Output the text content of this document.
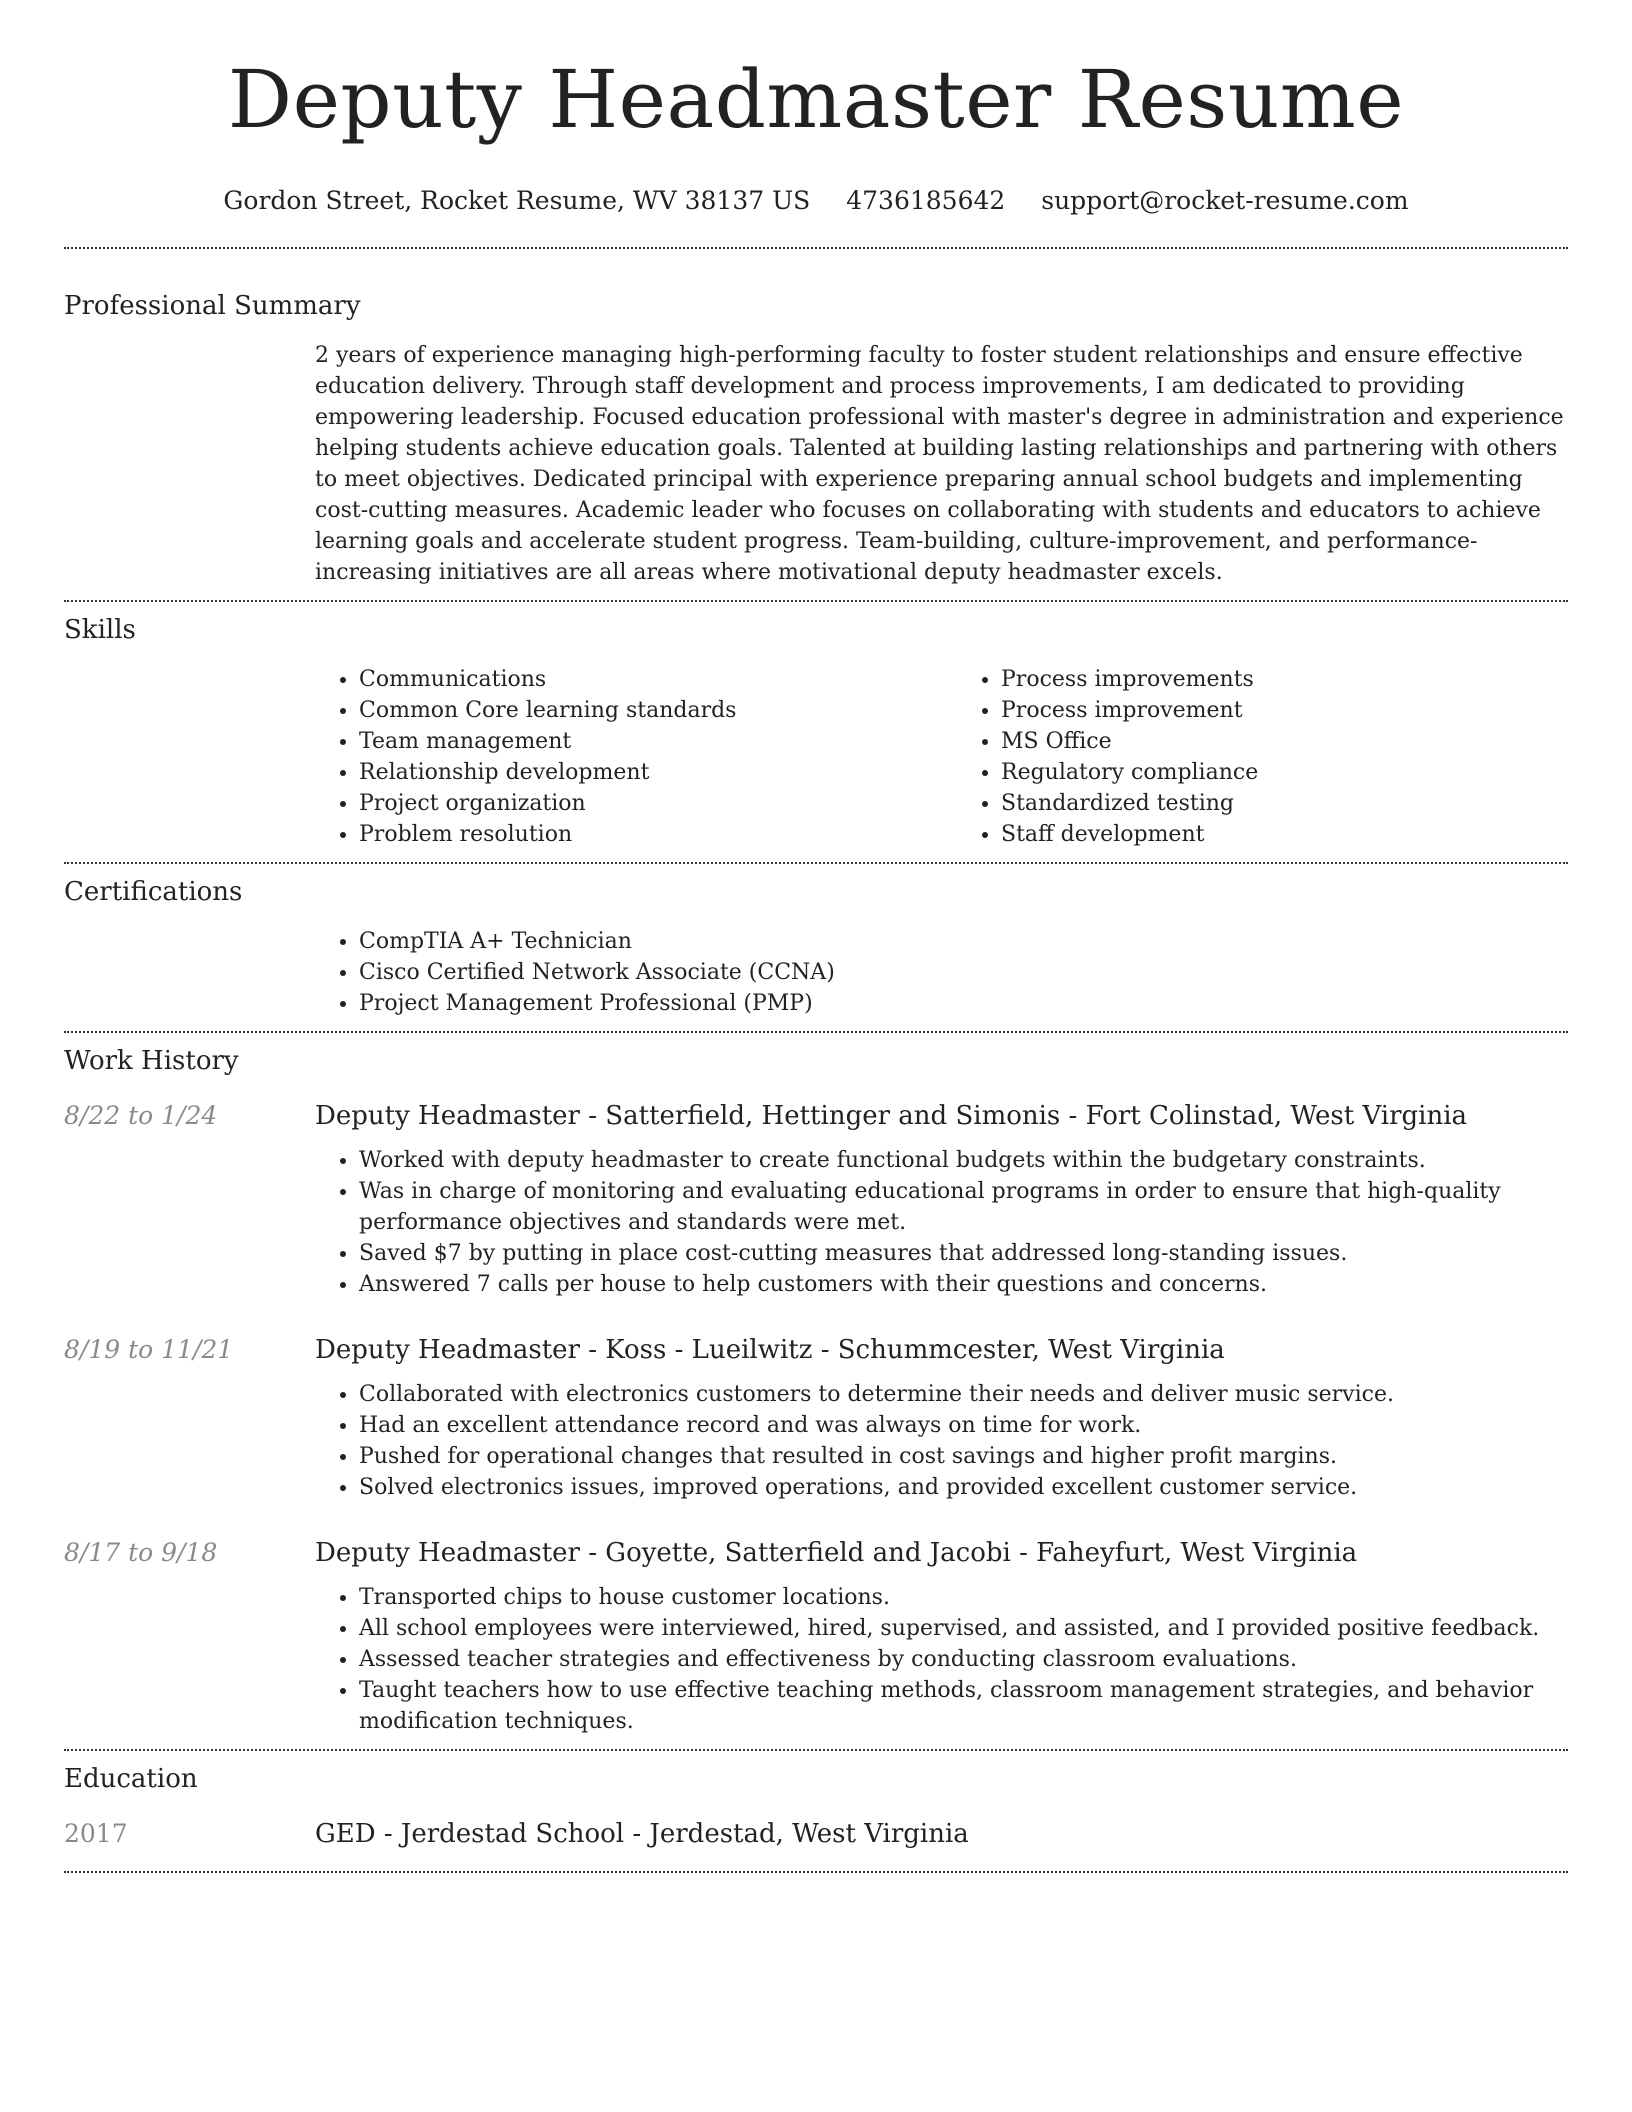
Deputy Headmaster Resume
Gordon Street, Rocket Resume, WV 38137 US 4736185642 support@rocket-resume.com
Professional Summary
2 years of experience managing high-performing faculty to foster student relationships and ensure effective education delivery. Through staff development and process improvements, I am dedicated to providing empowering leadership. Focused education professional with master's degree in administration and experience helping students achieve education goals. Talented at building lasting relationships and partnering with others to meet objectives. Dedicated principal with experience preparing annual school budgets and implementing cost-cutting measures. Academic leader who focuses on collaborating with students and educators to achieve learning goals and accelerate student progress. Team-building, culture-improvement, and performance-increasing initiatives are all areas where motivational deputy headmaster excels.
Skills
• Communications
• Common Core learning standards
• Team management
• Relationship development
• Project organization
• Problem resolution
• Process improvements
• Process improvement
• MS Office
• Regulatory compliance
• Standardized testing
• Staff development
Certifications
• CompTIA A+ Technician
• Cisco Certified Network Associate (CCNA)
• Project Management Professional (PMP)
Work History
8/22 to 1/24	Deputy Headmaster - Satterfield, Hettinger and Simonis - Fort Colinstad, West Virginia
• Worked with deputy headmaster to create functional budgets within the budgetary constraints.
• Was in charge of monitoring and evaluating educational programs in order to ensure that high-quality performance objectives and standards were met.
• Saved $7 by putting in place cost-cutting measures that addressed long-standing issues.
• Answered 7 calls per house to help customers with their questions and concerns.
8/19 to 11/21	Deputy Headmaster - Koss - Lueilwitz - Schummcester, West Virginia
• Collaborated with electronics customers to determine their needs and deliver music service.
• Had an excellent attendance record and was always on time for work.
• Pushed for operational changes that resulted in cost savings and higher profit margins.
• Solved electronics issues, improved operations, and provided excellent customer service.
8/17 to 9/18	Deputy Headmaster - Goyette, Satterfield and Jacobi - Faheyfurt, West Virginia
• Transported chips to house customer locations.
• All school employees were interviewed, hired, supervised, and assisted, and I provided positive feedback.
• Assessed teacher strategies and effectiveness by conducting classroom evaluations.
• Taught teachers how to use effective teaching methods, classroom management strategies, and behavior modification techniques.
Education
2017	GED - Jerdestad School - Jerdestad, West Virginia
